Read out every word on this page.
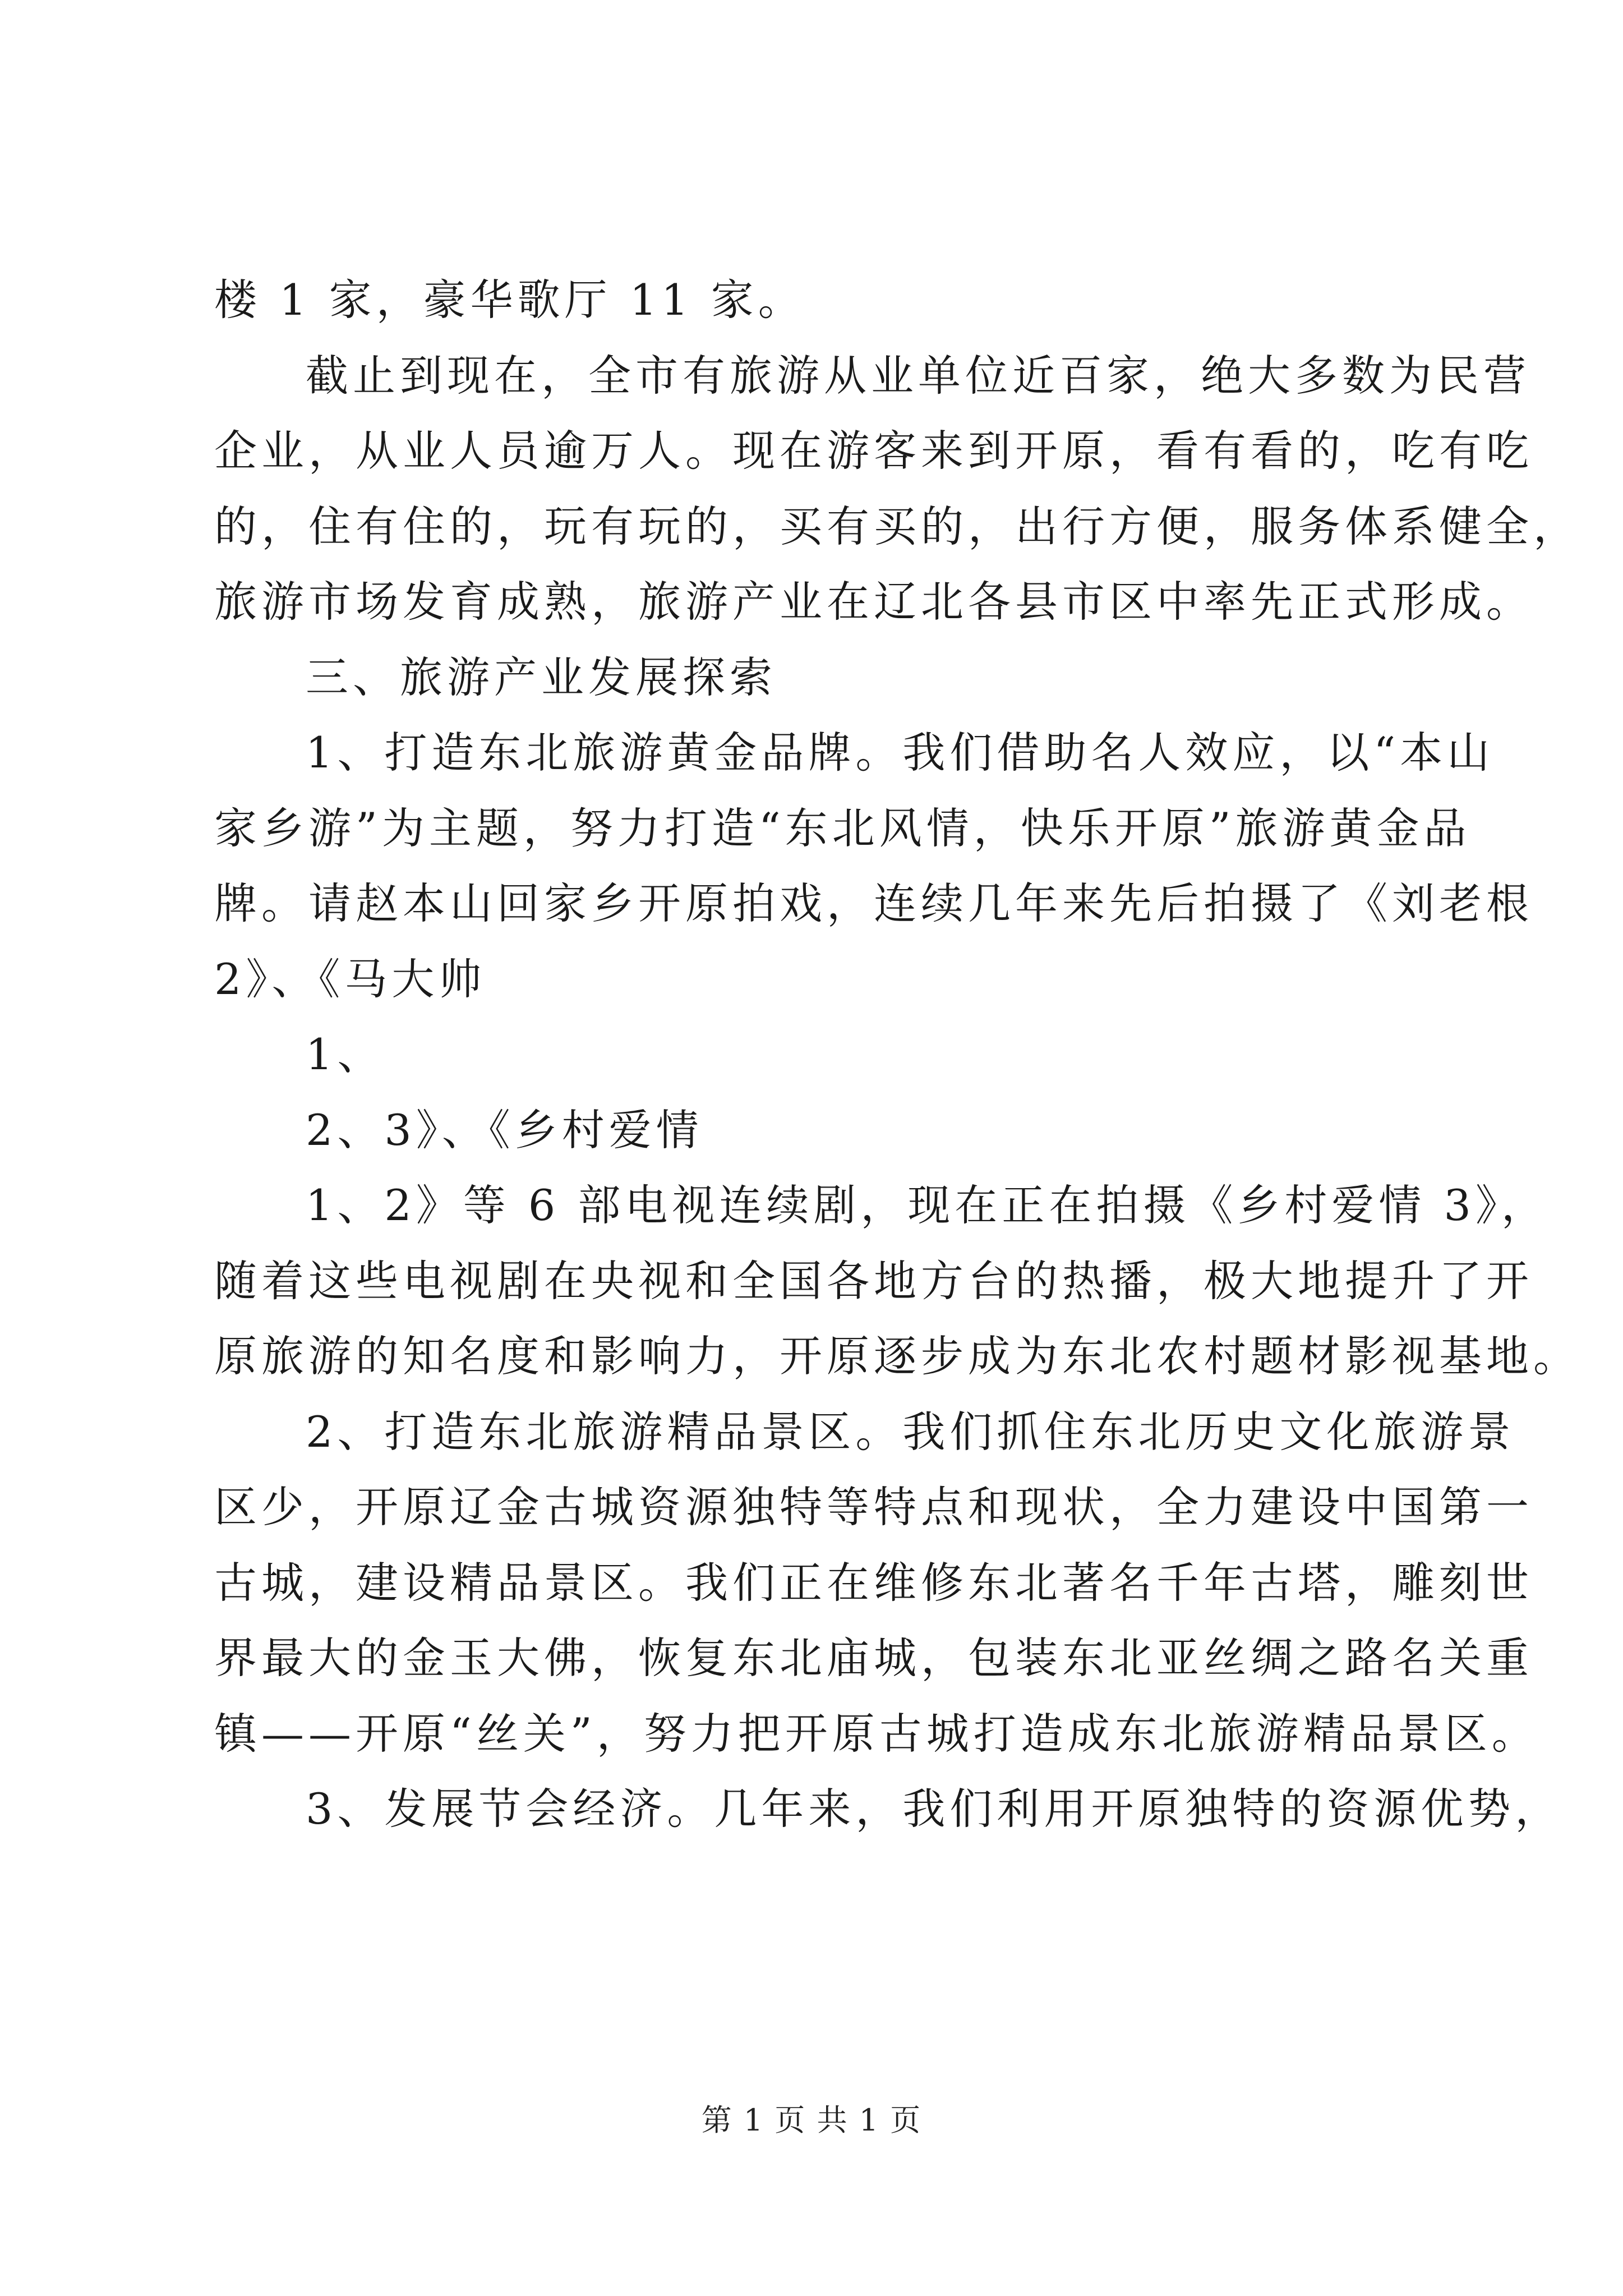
楼 1 家，豪华歌厅 11 家。
截止到现在，全市有旅游从业单位近百家，绝大多数为民营
企业，从业人员逾万人。现在游客来到开原，看有看的，吃有吃
的，住有住的，玩有玩的，买有买的，出行方便，服务体系健全，
旅游市场发育成熟，旅游产业在辽北各县市区中率先正式形成。
三、旅游产业发展探索
1、打造东北旅游黄金品牌。我们借助名人效应，以“本山
家乡游”为主题，努力打造“东北风情，快乐开原”旅游黄金品
牌。请赵本山回家乡开原拍戏，连续几年来先后拍摄了《刘老根
2》、《马大帅
1、
2、3》、《乡村爱情
1、2》等 6 部电视连续剧，现在正在拍摄《乡村爱情 3》，
随着这些电视剧在央视和全国各地方台的热播，极大地提升了开
原旅游的知名度和影响力，开原逐步成为东北农村题材影视基地。
2、打造东北旅游精品景区。我们抓住东北历史文化旅游景
区少，开原辽金古城资源独特等特点和现状，全力建设中国第一
古城，建设精品景区。我们正在维修东北著名千年古塔，雕刻世
界最大的金玉大佛，恢复东北庙城，包装东北亚丝绸之路名关重
镇——开原“丝关”，努力把开原古城打造成东北旅游精品景区。
3、发展节会经济。几年来，我们利用开原独特的资源优势，
第 1 页 共 1 页
